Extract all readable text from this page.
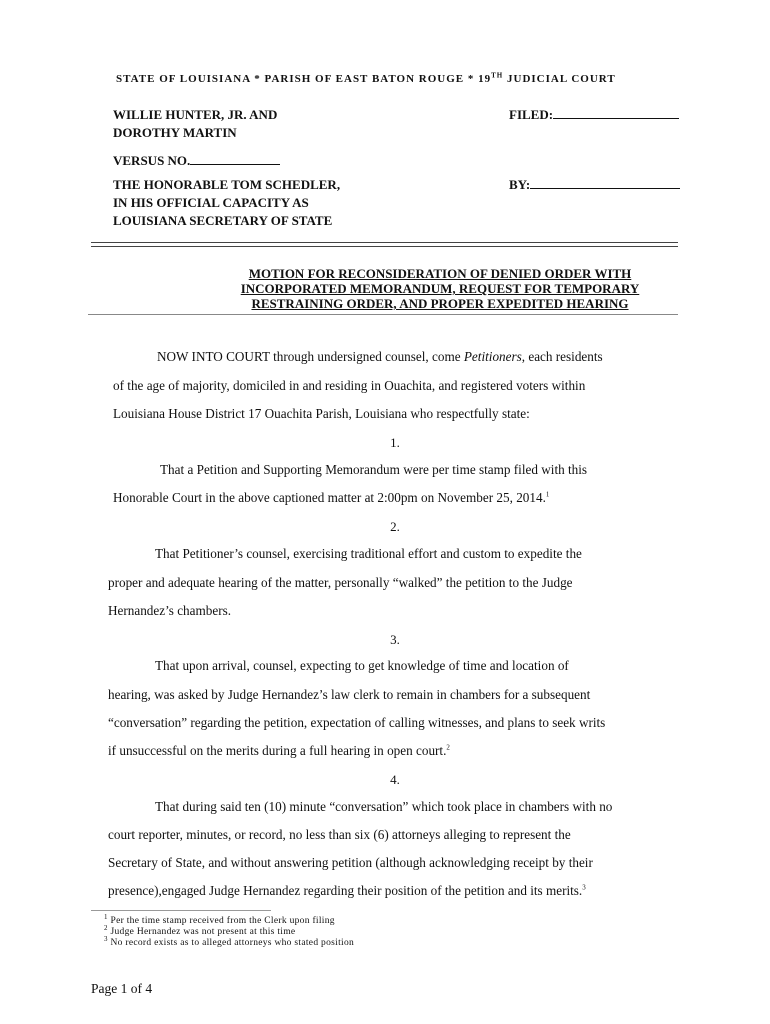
STATE OF LOUISIANA * PARISH OF EAST BATON ROUGE * 19TH JUDICIAL COURT
WILLIE HUNTER, JR. AND
DOROTHY MARTIN
FILED:
VERSUS NO.
THE HONORABLE TOM SCHEDLER,
IN HIS OFFICIAL CAPACITY AS
LOUISIANA SECRETARY OF STATE
BY:
MOTION FOR RECONSIDERATION OF DENIED ORDER WITH
INCORPORATED MEMORANDUM, REQUEST FOR TEMPORARY
RESTRAINING ORDER, AND PROPER EXPEDITED HEARING
NOW INTO COURT through undersigned counsel, come Petitioners, each residents
of the age of majority, domiciled in and residing in Ouachita, and registered voters within
Louisiana House District 17 Ouachita Parish, Louisiana who respectfully state:
1.
That a Petition and Supporting Memorandum were per time stamp filed with this
Honorable Court in the above captioned matter at 2:00pm on November 25, 2014.$^1$
2.
That Petitioner’s counsel, exercising traditional effort and custom to expedite the
proper and adequate hearing of the matter, personally “walked” the petition to the Judge
Hernandez’s chambers.
3.
That upon arrival, counsel, expecting to get knowledge of time and location of
hearing, was asked by Judge Hernandez’s law clerk to remain in chambers for a subsequent
“conversation” regarding the petition, expectation of calling witnesses, and plans to seek writs
if unsuccessful on the merits during a full hearing in open court.$^2$
4.
That during said ten (10) minute “conversation” which took place in chambers with no
court reporter, minutes, or record, no less than six (6) attorneys alleging to represent the
Secretary of State, and without answering petition (although acknowledging receipt by their
presence),engaged Judge Hernandez regarding their position of the petition and its merits.$^3$
$^1$ Per the time stamp received from the Clerk upon filing
$^2$ Judge Hernandez was not present at this time
$^3$ No record exists as to alleged attorneys who stated position
Page 1 of 4
